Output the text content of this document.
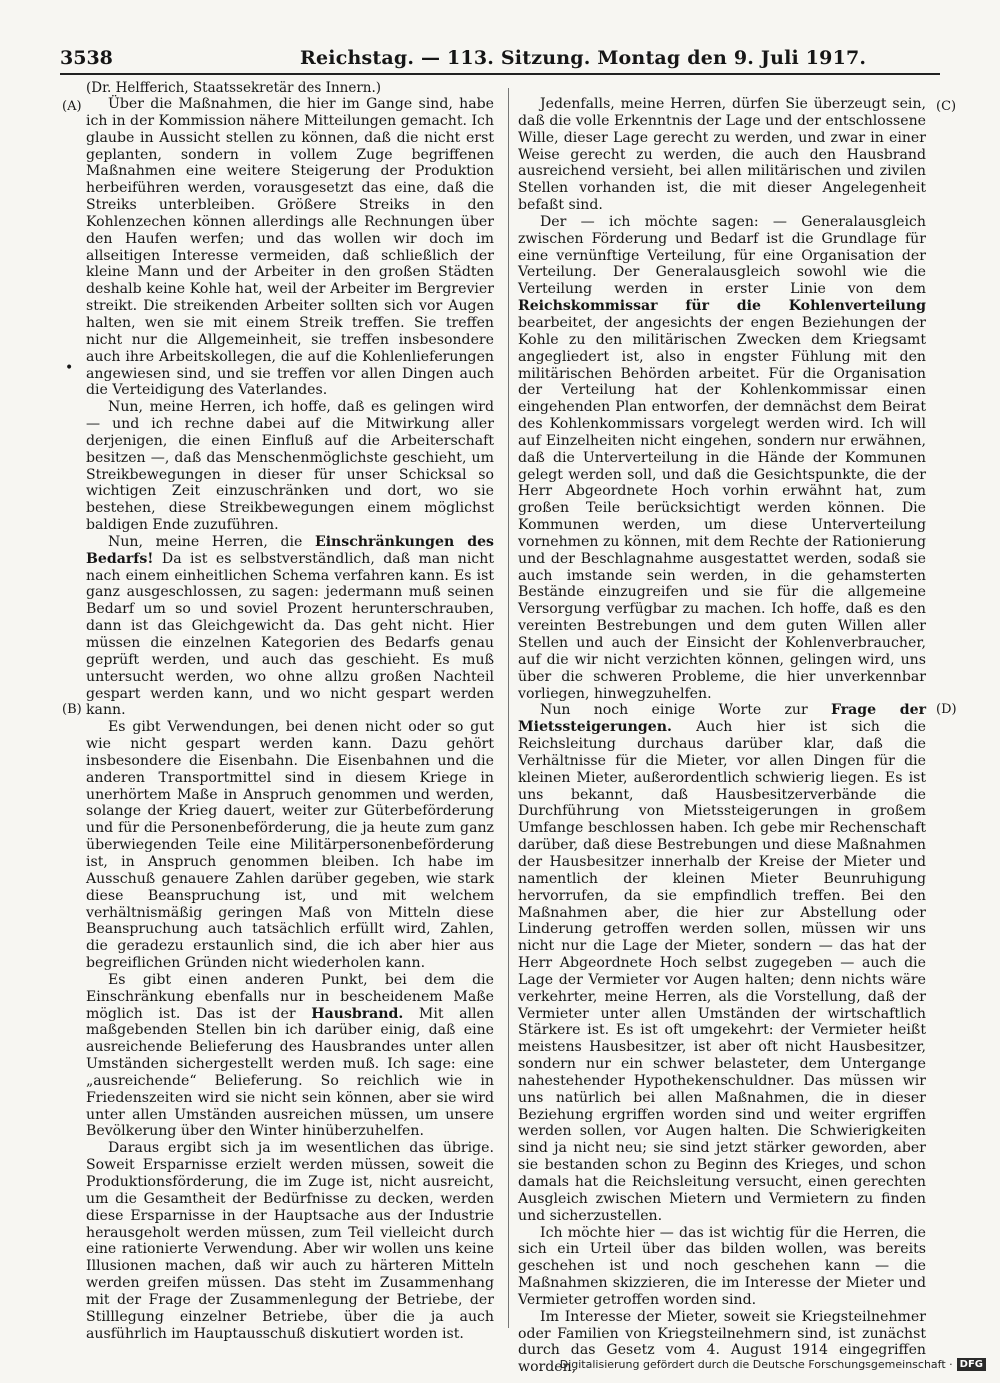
3538	Reichstag. — 113. Sitzung. Montag den 9. Juli 1917.
(Dr. Helfferich, Staatssekretär des Innern.)
(A)
•
(B)
(C)
(D)

Über die Maßnahmen, die hier im Gange sind, habe ich in der Kommission nähere Mitteilungen gemacht. Ich glaube in Aussicht stellen zu können, daß die nicht erst geplanten, sondern in vollem Zuge begriffenen Maßnahmen eine weitere Steigerung der Produktion herbeiführen werden, vorausgesetzt das eine, daß die Streiks unterbleiben. Größere Streiks in den Kohlenzechen können allerdings alle Rechnungen über den Haufen werfen; und das wollen wir doch im allseitigen Interesse vermeiden, daß schließlich der kleine Mann und der Arbeiter in den großen Städten deshalb keine Kohle hat, weil der Arbeiter im Bergrevier streikt. Die streikenden Arbeiter sollten sich vor Augen halten, wen sie mit einem Streik treffen. Sie treffen nicht nur die Allgemeinheit, sie treffen insbesondere auch ihre Arbeitskollegen, die auf die Kohlenlieferungen angewiesen sind, und sie treffen vor allen Dingen auch die Verteidigung des Vaterlandes.

Nun, meine Herren, ich hoffe, daß es gelingen wird — und ich rechne dabei auf die Mitwirkung aller derjenigen, die einen Einfluß auf die Arbeiterschaft besitzen —, daß das Menschenmöglichste geschieht, um Streikbewegungen in dieser für unser Schicksal so wichtigen Zeit einzuschränken und dort, wo sie bestehen, diese Streikbewegungen einem möglichst baldigen Ende zuzuführen.

Nun, meine Herren, die Einschränkungen des Bedarfs! Da ist es selbstverständlich, daß man nicht nach einem einheitlichen Schema verfahren kann. Es ist ganz ausgeschlossen, zu sagen: jedermann muß seinen Bedarf um so und soviel Prozent herunterschrauben, dann ist das Gleichgewicht da. Das geht nicht. Hier müssen die einzelnen Kategorien des Bedarfs genau geprüft werden, und auch das geschieht. Es muß untersucht werden, wo ohne allzu großen Nachteil gespart werden kann, und wo nicht gespart werden kann.

Es gibt Verwendungen, bei denen nicht oder so gut wie nicht gespart werden kann. Dazu gehört insbesondere die Eisenbahn. Die Eisenbahnen und die anderen Transportmittel sind in diesem Kriege in unerhörtem Maße in Anspruch genommen und werden, solange der Krieg dauert, weiter zur Güterbeförderung und für die Personenbeförderung, die ja heute zum ganz überwiegenden Teile eine Militärpersonenbeförderung ist, in Anspruch genommen bleiben. Ich habe im Ausschuß genauere Zahlen darüber gegeben, wie stark diese Beanspruchung ist, und mit welchem verhältnismäßig geringen Maß von Mitteln diese Beanspruchung auch tatsächlich erfüllt wird, Zahlen, die geradezu erstaunlich sind, die ich aber hier aus begreiflichen Gründen nicht wiederholen kann.

Es gibt einen anderen Punkt, bei dem die Einschränkung ebenfalls nur in bescheidenem Maße möglich ist. Das ist der Hausbrand. Mit allen maßgebenden Stellen bin ich darüber einig, daß eine ausreichende Belieferung des Hausbrandes unter allen Umständen sichergestellt werden muß. Ich sage: eine „ausreichende“ Belieferung. So reichlich wie in Friedenszeiten wird sie nicht sein können, aber sie wird unter allen Umständen ausreichen müssen, um unsere Bevölkerung über den Winter hinüberzuhelfen.

Daraus ergibt sich ja im wesentlichen das übrige. Soweit Ersparnisse erzielt werden müssen, soweit die Produktionsförderung, die im Zuge ist, nicht ausreicht, um die Gesamtheit der Bedürfnisse zu decken, werden diese Ersparnisse in der Hauptsache aus der Industrie herausgeholt werden müssen, zum Teil vielleicht durch eine rationierte Verwendung. Aber wir wollen uns keine Illusionen machen, daß wir auch zu härteren Mitteln werden greifen müssen. Das steht im Zusammenhang mit der Frage der Zusammenlegung der Betriebe, der Stilllegung einzelner Betriebe, über die ja auch ausführlich im Hauptausschuß diskutiert worden ist.

Jedenfalls, meine Herren, dürfen Sie überzeugt sein, daß die volle Erkenntnis der Lage und der entschlossene Wille, dieser Lage gerecht zu werden, und zwar in einer Weise gerecht zu werden, die auch den Hausbrand ausreichend versieht, bei allen militärischen und zivilen Stellen vorhanden ist, die mit dieser Angelegenheit befaßt sind.

Der — ich möchte sagen: — Generalausgleich zwischen Förderung und Bedarf ist die Grundlage für eine vernünftige Verteilung, für eine Organisation der Verteilung. Der Generalausgleich sowohl wie die Verteilung werden in erster Linie von dem Reichskommissar für die Kohlenverteilung bearbeitet, der angesichts der engen Beziehungen der Kohle zu den militärischen Zwecken dem Kriegsamt angegliedert ist, also in engster Fühlung mit den militärischen Behörden arbeitet. Für die Organisation der Verteilung hat der Kohlenkommissar einen eingehenden Plan entworfen, der demnächst dem Beirat des Kohlenkommissars vorgelegt werden wird. Ich will auf Einzelheiten nicht eingehen, sondern nur erwähnen, daß die Unterverteilung in die Hände der Kommunen gelegt werden soll, und daß die Gesichtspunkte, die der Herr Abgeordnete Hoch vorhin erwähnt hat, zum großen Teile berücksichtigt werden können. Die Kommunen werden, um diese Unterverteilung vornehmen zu können, mit dem Rechte der Rationierung und der Beschlagnahme ausgestattet werden, sodaß sie auch imstande sein werden, in die gehamsterten Bestände einzugreifen und sie für die allgemeine Versorgung verfügbar zu machen. Ich hoffe, daß es den vereinten Bestrebungen und dem guten Willen aller Stellen und auch der Einsicht der Kohlenverbraucher, auf die wir nicht verzichten können, gelingen wird, uns über die schweren Probleme, die hier unverkennbar vorliegen, hinwegzuhelfen.

Nun noch einige Worte zur Frage der Mietssteigerungen. Auch hier ist sich die Reichsleitung durchaus darüber klar, daß die Verhältnisse für die Mieter, vor allen Dingen für die kleinen Mieter, außerordentlich schwierig liegen. Es ist uns bekannt, daß Hausbesitzerverbände die Durchführung von Mietssteigerungen in großem Umfange beschlossen haben. Ich gebe mir Rechenschaft darüber, daß diese Bestrebungen und diese Maßnahmen der Hausbesitzer innerhalb der Kreise der Mieter und namentlich der kleinen Mieter Beunruhigung hervorrufen, da sie empfindlich treffen. Bei den Maßnahmen aber, die hier zur Abstellung oder Linderung getroffen werden sollen, müssen wir uns nicht nur die Lage der Mieter, sondern — das hat der Herr Abgeordnete Hoch selbst zugegeben — auch die Lage der Vermieter vor Augen halten; denn nichts wäre verkehrter, meine Herren, als die Vorstellung, daß der Vermieter unter allen Umständen der wirtschaftlich Stärkere ist. Es ist oft umgekehrt: der Vermieter heißt meistens Hausbesitzer, ist aber oft nicht Hausbesitzer, sondern nur ein schwer belasteter, dem Untergange nahestehender Hypothekenschuldner. Das müssen wir uns natürlich bei allen Maßnahmen, die in dieser Beziehung ergriffen worden sind und weiter ergriffen werden sollen, vor Augen halten. Die Schwierigkeiten sind ja nicht neu; sie sind jetzt stärker geworden, aber sie bestanden schon zu Beginn des Krieges, und schon damals hat die Reichsleitung versucht, einen gerechten Ausgleich zwischen Mietern und Vermietern zu finden und sicherzustellen.

Ich möchte hier — das ist wichtig für die Herren, die sich ein Urteil über das bilden wollen, was bereits geschehen ist und noch geschehen kann — die Maßnahmen skizzieren, die im Interesse der Mieter und Vermieter getroffen worden sind.

Im Interesse der Mieter, soweit sie Kriegsteilnehmer oder Familien von Kriegsteilnehmern sind, ist zunächst durch das Gesetz vom 4. August 1914 eingegriffen worden,

Digitalisierung gefördert durch die Deutsche Forschungsgemeinschaft · DFG
